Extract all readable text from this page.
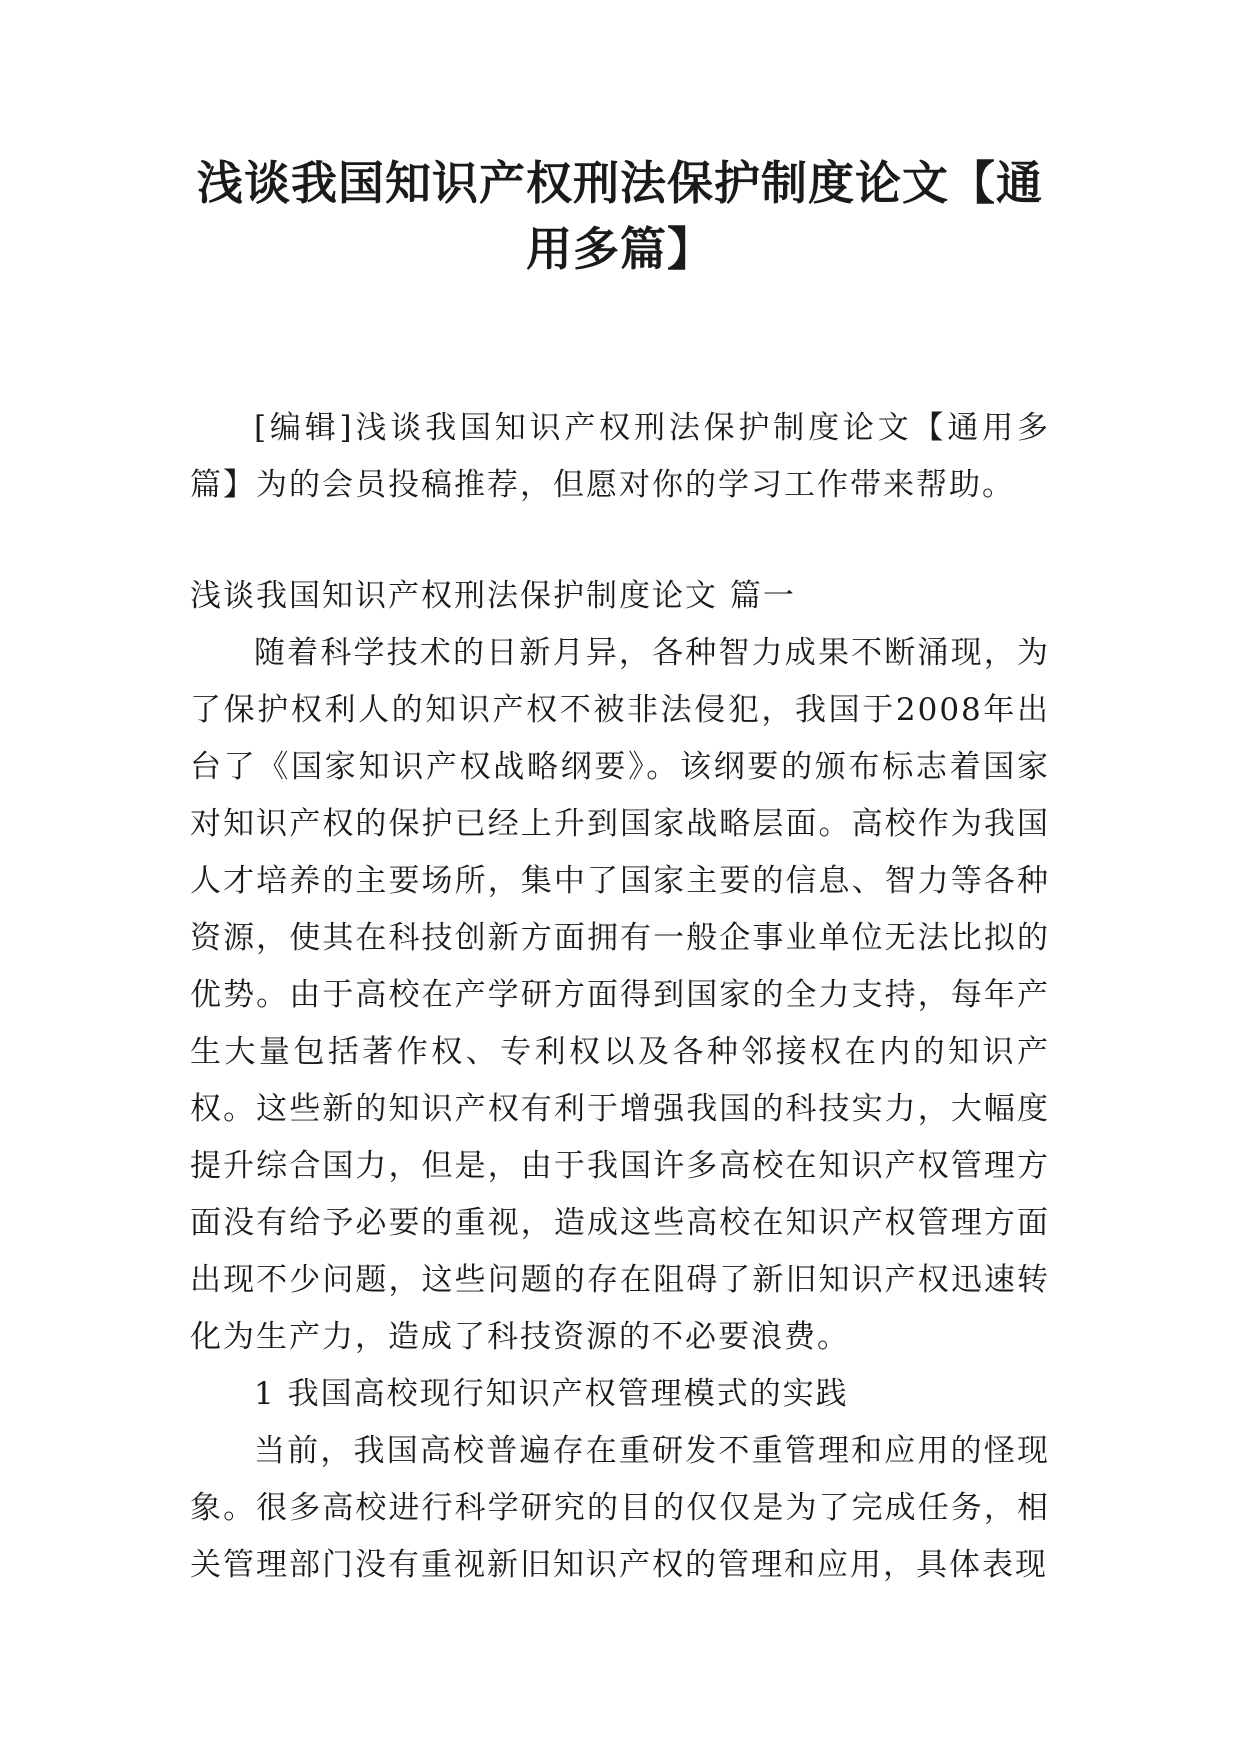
浅谈我国知识产权刑法保护制度论文【通用多篇】

[编辑]浅谈我国知识产权刑法保护制度论文【通用多篇】为的会员投稿推荐，但愿对你的学习工作带来帮助。

浅谈我国知识产权刑法保护制度论文 篇一

随着科学技术的日新月异，各种智力成果不断涌现，为了保护权利人的知识产权不被非法侵犯，我国于2008年出台了《国家知识产权战略纲要》。该纲要的颁布标志着国家对知识产权的保护已经上升到国家战略层面。高校作为我国人才培养的主要场所，集中了国家主要的信息、智力等各种资源，使其在科技创新方面拥有一般企事业单位无法比拟的优势。由于高校在产学研方面得到国家的全力支持，每年产生大量包括著作权、专利权以及各种邻接权在内的知识产权。这些新的知识产权有利于增强我国的科技实力，大幅度提升综合国力，但是，由于我国许多高校在知识产权管理方面没有给予必要的重视，造成这些高校在知识产权管理方面出现不少问题，这些问题的存在阻碍了新旧知识产权迅速转化为生产力，造成了科技资源的不必要浪费。

1 我国高校现行知识产权管理模式的实践

当前，我国高校普遍存在重研发不重管理和应用的怪现象。很多高校进行科学研究的目的仅仅是为了完成任务，相关管理部门没有重视新旧知识产权的管理和应用，具体表现
